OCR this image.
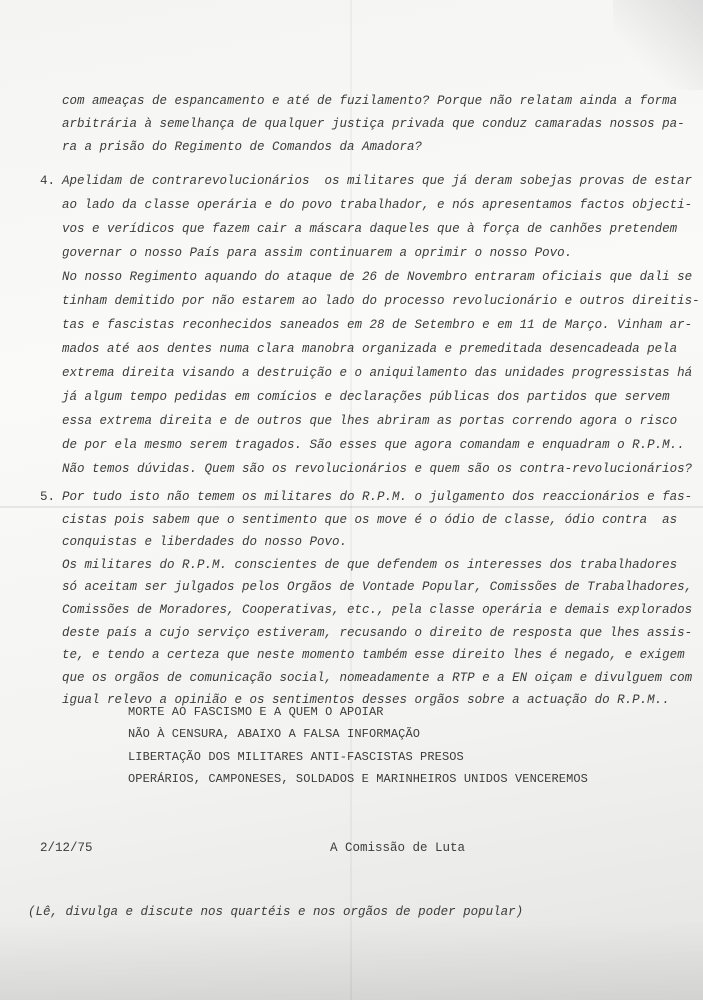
4.
5.
2/12/75	A Comissão de Luta
(Lê, divulga e discute nos quartéis e nos orgãos de poder popular)
com ameaças de espancamento e até de fuzilamento? Porque não relatam ainda a forma
arbitrária à semelhança de qualquer justiça privada que conduz camaradas nossos pa-
ra a prisão do Regimento de Comandos da Amadora?
Apelidam de contrarevolucionários  os militares que já deram sobejas provas de estar
ao lado da classe operária e do povo trabalhador, e nós apresentamos factos objecti-
vos e verídicos que fazem cair a máscara daqueles que à força de canhões pretendem
governar o nosso País para assim continuarem a oprimir o nosso Povo.
No nosso Regimento aquando do ataque de 26 de Novembro entraram oficiais que dali se
tinham demitido por não estarem ao lado do processo revolucionário e outros direitis-
tas e fascistas reconhecidos saneados em 28 de Setembro e em 11 de Março. Vinham ar-
mados até aos dentes numa clara manobra organizada e premeditada desencadeada pela
extrema direita visando a destruição e o aniquilamento das unidades progressistas há
já algum tempo pedidas em comícios e declarações públicas dos partidos que servem
essa extrema direita e de outros que lhes abriram as portas correndo agora o risco
de por ela mesmo serem tragados. São esses que agora comandam e enquadram o R.P.M..
Não temos dúvidas. Quem são os revolucionários e quem são os contra-revolucionários?
Por tudo isto não temem os militares do R.P.M. o julgamento dos reaccionários e fas-
cistas pois sabem que o sentimento que os move é o ódio de classe, ódio contra  as
conquistas e liberdades do nosso Povo.
Os militares do R.P.M. conscientes de que defendem os interesses dos trabalhadores
só aceitam ser julgados pelos Orgãos de Vontade Popular, Comissões de Trabalhadores,
Comissões de Moradores, Cooperativas, etc., pela classe operária e demais explorados
deste país a cujo serviço estiveram, recusando o direito de resposta que lhes assis-
te, e tendo a certeza que neste momento também esse direito lhes é negado, e exigem
que os orgãos de comunicação social, nomeadamente a RTP e a EN oiçam e divulguem com
igual relevo a opinião e os sentimentos desses orgãos sobre a actuação do R.P.M..
MORTE AO FASCISMO E A QUEM O APOIAR
NÃO À CENSURA, ABAIXO A FALSA INFORMAÇÃO
LIBERTAÇÃO DOS MILITARES ANTI-FASCISTAS PRESOS
OPERÁRIOS, CAMPONESES, SOLDADOS E MARINHEIROS UNIDOS VENCEREMOS
